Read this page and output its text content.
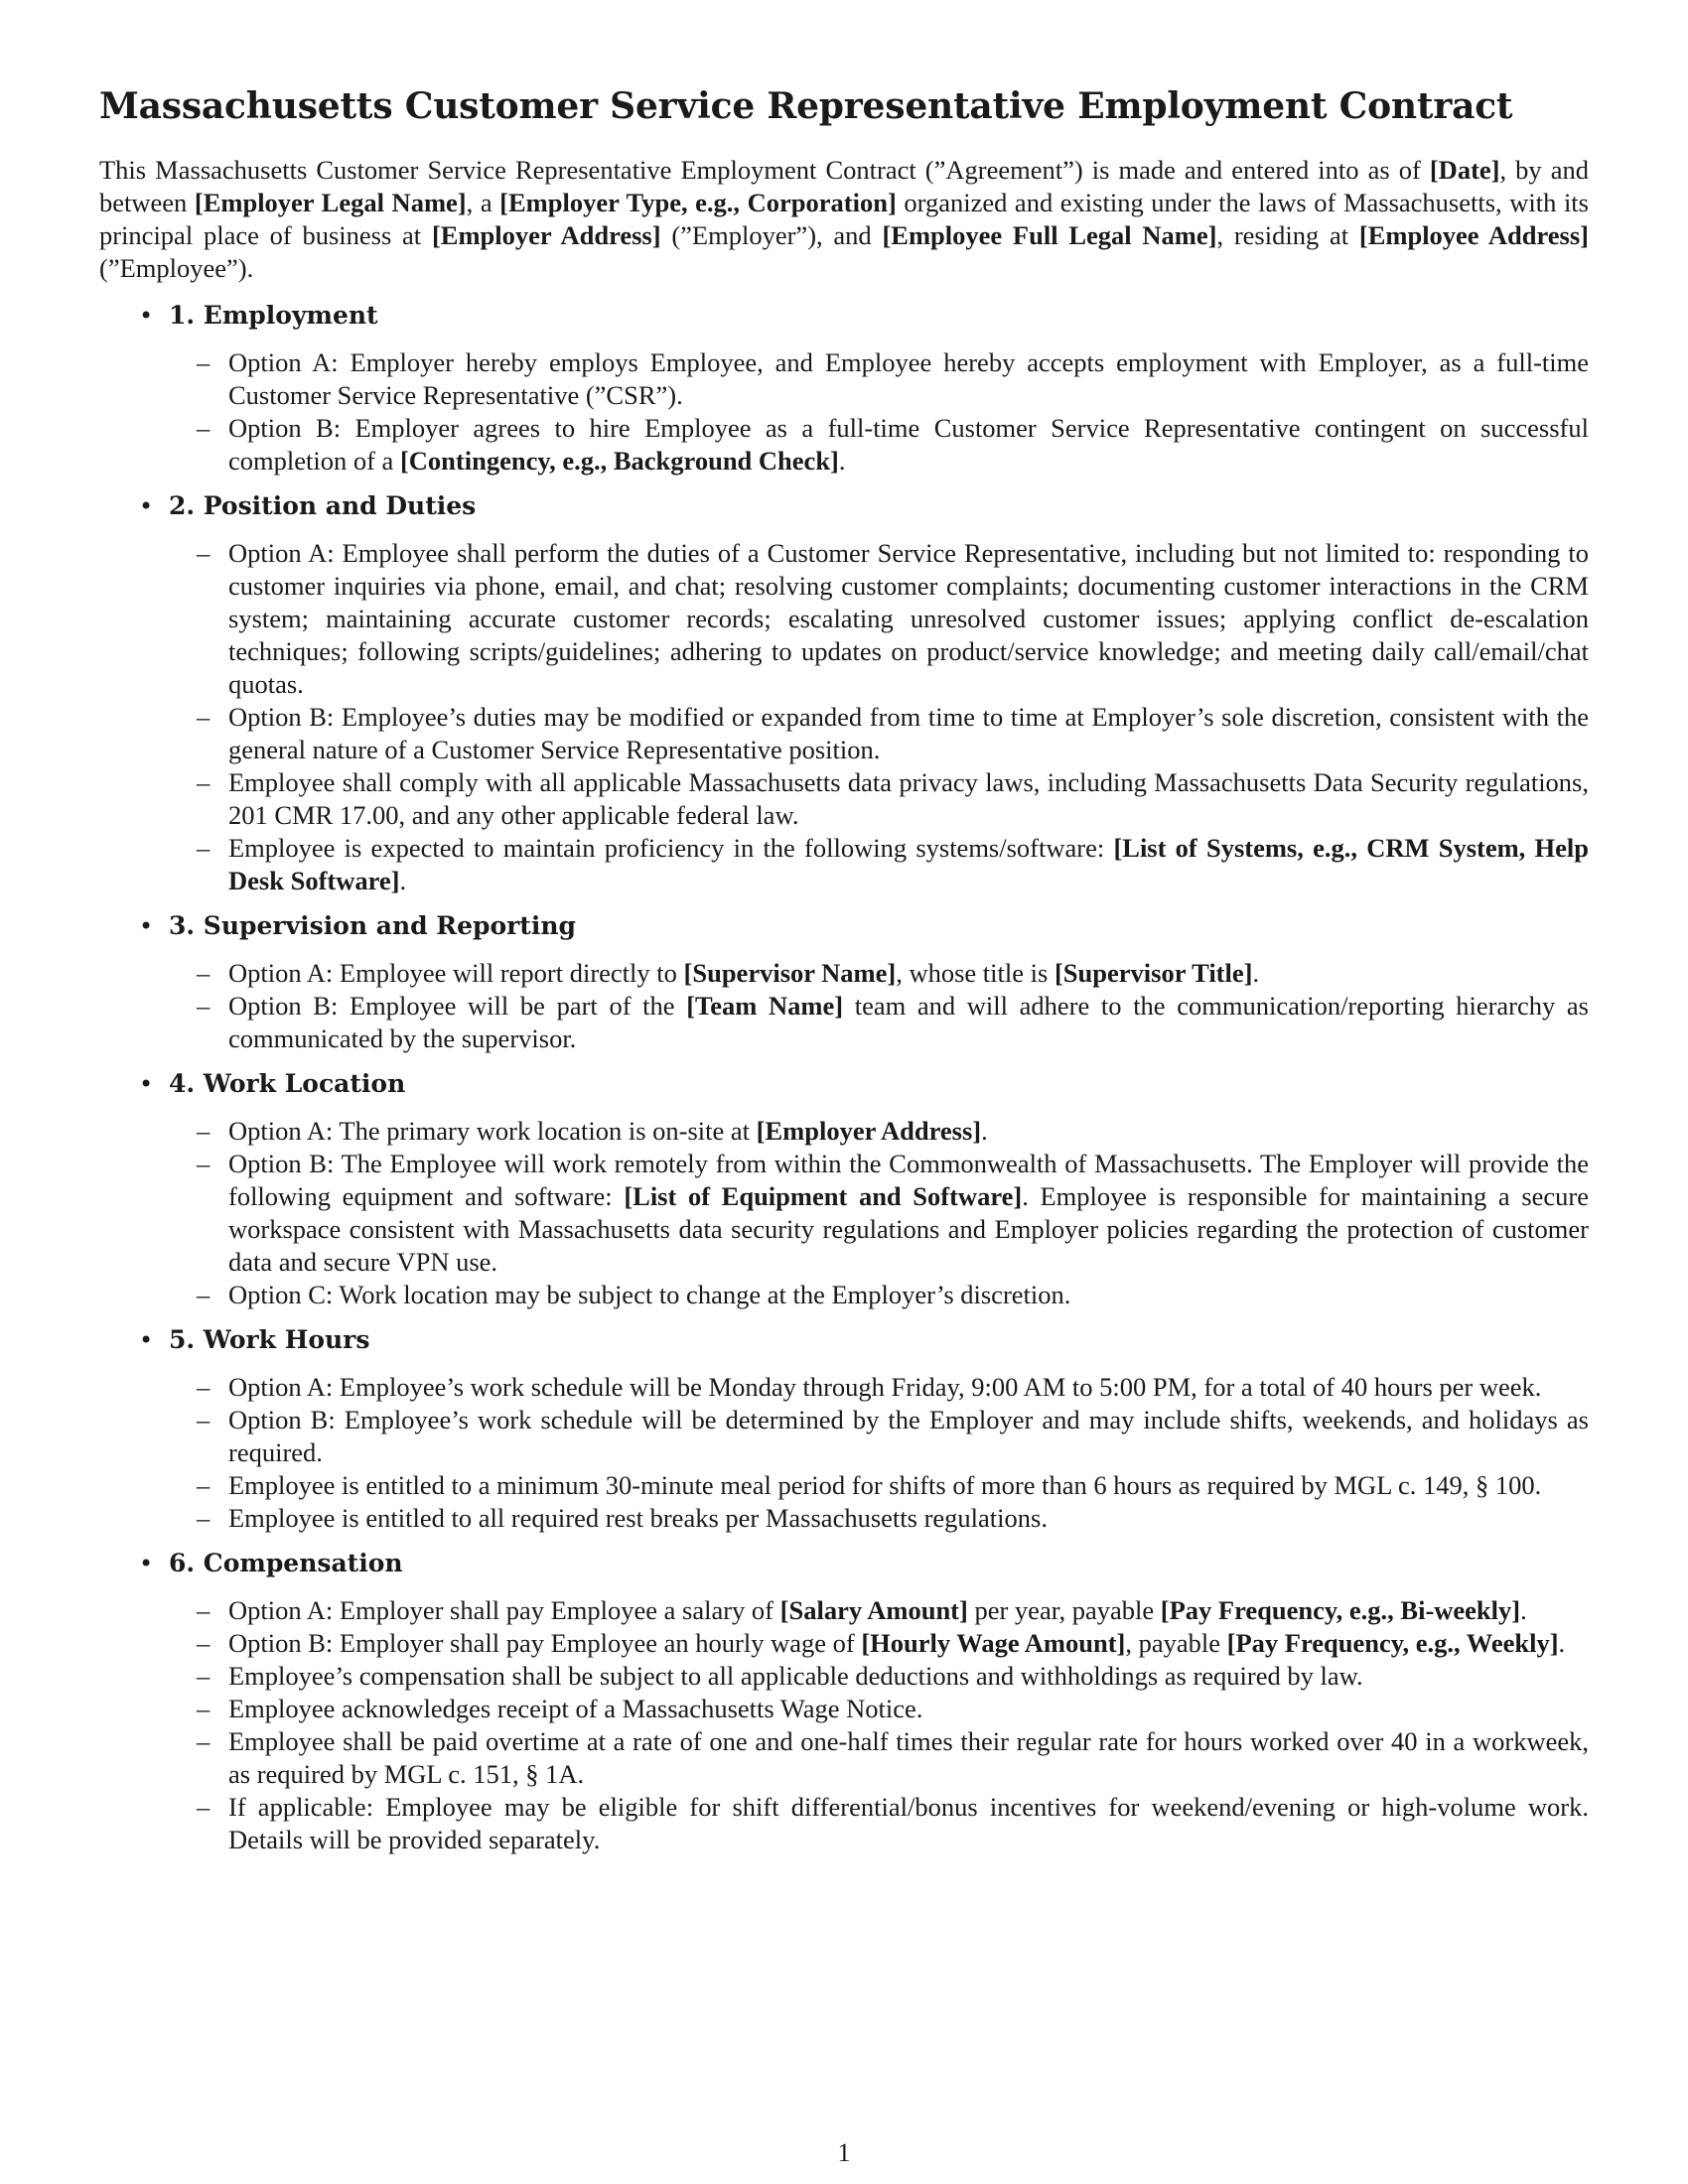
Massachusetts Customer Service Representative Employment Contract

This Massachusetts Customer Service Representative Employment Contract (”Agreement”) is made and entered into as of [Date], by and between [Employer Legal Name], a [Employer Type, e.g., Corporation] organized and existing under the laws of Massachusetts, with its principal place of business at [Employer Address] (”Employer”), and [Employee Full Legal Name], residing at [Employee Address] (”Employee”).

• 1. Employment
– Option A: Employer hereby employs Employee, and Employee hereby accepts employment with Employer, as a full-time Customer Service Representative (”CSR”).
– Option B: Employer agrees to hire Employee as a full-time Customer Service Representative contingent on successful completion of a [Contingency, e.g., Background Check].
• 2. Position and Duties
– Option A: Employee shall perform the duties of a Customer Service Representative, including but not limited to: responding to customer inquiries via phone, email, and chat; resolving customer complaints; documenting customer interactions in the CRM system; maintaining accurate customer records; escalating unresolved customer issues; applying conflict de-escalation techniques; following scripts/guidelines; adhering to updates on product/service knowledge; and meeting daily call/email/chat quotas.
– Option B: Employee’s duties may be modified or expanded from time to time at Employer’s sole discretion, consistent with the general nature of a Customer Service Representative position.
– Employee shall comply with all applicable Massachusetts data privacy laws, including Massachusetts Data Security regulations, 201 CMR 17.00, and any other applicable federal law.
– Employee is expected to maintain proficiency in the following systems/software: [List of Systems, e.g., CRM System, Help Desk Software].
• 3. Supervision and Reporting
– Option A: Employee will report directly to [Supervisor Name], whose title is [Supervisor Title].
– Option B: Employee will be part of the [Team Name] team and will adhere to the communication/reporting hierarchy as communicated by the supervisor.
• 4. Work Location
– Option A: The primary work location is on-site at [Employer Address].
– Option B: The Employee will work remotely from within the Commonwealth of Massachusetts. The Employer will provide the following equipment and software: [List of Equipment and Software]. Employee is responsible for maintaining a secure workspace consistent with Massachusetts data security regulations and Employer policies regarding the protection of customer data and secure VPN use.
– Option C: Work location may be subject to change at the Employer’s discretion.
• 5. Work Hours
– Option A: Employee’s work schedule will be Monday through Friday, 9:00 AM to 5:00 PM, for a total of 40 hours per week.
– Option B: Employee’s work schedule will be determined by the Employer and may include shifts, weekends, and holidays as required.
– Employee is entitled to a minimum 30-minute meal period for shifts of more than 6 hours as required by MGL c. 149, § 100.
– Employee is entitled to all required rest breaks per Massachusetts regulations.
• 6. Compensation
– Option A: Employer shall pay Employee a salary of [Salary Amount] per year, payable [Pay Frequency, e.g., Bi-weekly].
– Option B: Employer shall pay Employee an hourly wage of [Hourly Wage Amount], payable [Pay Frequency, e.g., Weekly].
– Employee’s compensation shall be subject to all applicable deductions and withholdings as required by law.
– Employee acknowledges receipt of a Massachusetts Wage Notice.
– Employee shall be paid overtime at a rate of one and one-half times their regular rate for hours worked over 40 in a workweek, as required by MGL c. 151, § 1A.
– If applicable: Employee may be eligible for shift differential/bonus incentives for weekend/evening or high-volume work. Details will be provided separately.
1
